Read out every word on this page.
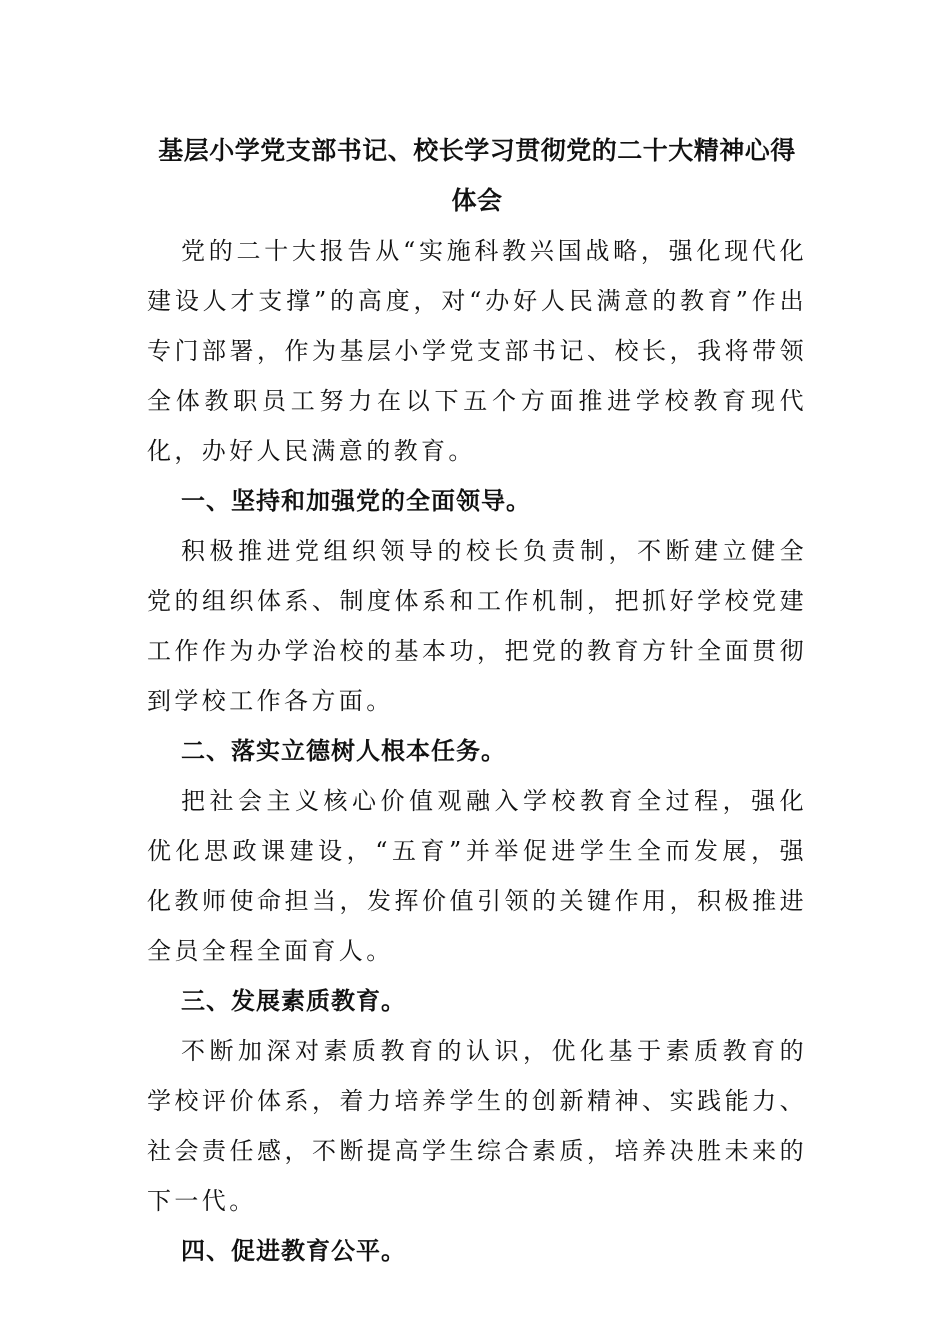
基层小学党支部书记、校长学习贯彻党的二十大精神心得
体会

党的二十大报告从“实施科教兴国战略，强化现代化建设人才支撑”的高度，对“办好人民满意的教育”作出专门部署，作为基层小学党支部书记、校长，我将带领全体教职员工努力在以下五个方面推进学校教育现代化，办好人民满意的教育。

一、坚持和加强党的全面领导。

积极推进党组织领导的校长负责制，不断建立健全党的组织体系、制度体系和工作机制，把抓好学校党建工作作为办学治校的基本功，把党的教育方针全面贯彻到学校工作各方面。

二、落实立德树人根本任务。

把社会主义核心价值观融入学校教育全过程，强化优化思政课建设，“五育”并举促进学生全而发展，强化教师使命担当，发挥价值引领的关键作用，积极推进全员全程全面育人。

三、发展素质教育。

不断加深对素质教育的认识，优化基于素质教育的学校评价体系，着力培养学生的创新精神、实践能力、社会责任感，不断提高学生综合素质，培养决胜未来的下一代。

四、促进教育公平。
